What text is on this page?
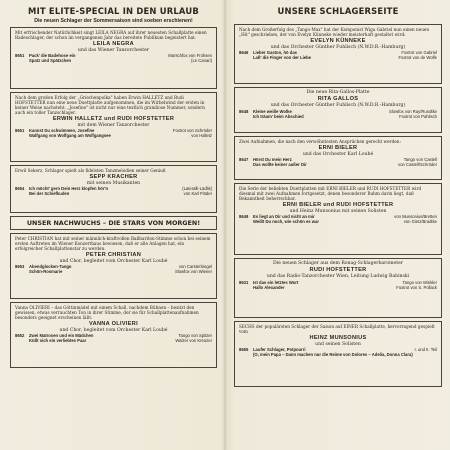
MIT ELITE-SPECIAL IN DEN URLAUB
Die neuen Schlager der Sommersaison sind soeben erschienen!

Mit erfrischender Natürlichkeit singt LEILA NEGRA auf ihrer neuesten Schallplatte einen Badeschlager, der schon im vergangenen Jahr das bereitete Publikum begeistert hat.

LEILA NEGRA
und das Wiener Tanzorchester
8651	Pack' die Badehose ein	Marschfox von Frohsen
Spatz und Spätzchen	(Le Canari)

Nach dem großen Erfolg der „Griechenpolka" haben Erwin HALLETZ und Rudi HOFSTETTER nun eine neue Duettplatte aufgenommen, die im Wirbelwind der ersten in keiner Weise nachsteht. „Josefine" ist nicht nur eine textlich grandiose Nummer, sondern auch ein toller Tanzschlager.

ERWIN HALLETZ und RUDI HOFSTETTER
mit dem Wiener Tanzorchester
8651	Kannst Du schwimmen, Josefine	Foxtrot von Schröder
Walfgang von Wolfgang am Wolfgangsee	von Halletz

Erwil Sekerz, Schlager spielt als fidelsten Tanzmelodien seiner Geniuß

SEPP KRACHER
mit seinen Musikanten
8654	Ich möcht' gern Dein Herz klopfen hör'n	(Lateralli-Lädlis)
Bei der Schiefkuden	von Karl Flöder
UNSER NACHWUCHS – DIE STARS VON MORGEN!

Peter CHRISTIAN hat mit seiner männlich-kraftvollen Baßbariton-Stimme schon bei seinem ersten Auftreten im Wiener Konzerthaus bewiesen, daß er alle Anlagen hat, ein erfolgreicher Schallplattenstar zu werden.

PETER CHRISTIAN
und Chor, begleitet vom Orchester Karl Loubé
8653	Abendglocken-Tango	von Carste/Siegel
Schön-Rosmarie	Slowfox von Wiener

Vanna OLIVIERI – das Göttinmädel mit einem Schall, nachdem Bühnen – besitzt den gewissen, etwas verrauchten Ton in ihrer Stimme, der sie für Schallplattenaufnahmen besonders geeignet erscheinen läßt.

VANNA OLIVIERI
und Chor, begleitet vom Orchester Karl Loubé
8652	Zwei Matrosen und ein Mädchen	Tango von Spitzer
Küßt sich ein verliebtes Paar	Walzer von Kreuzer
UNSERE SCHLAGERSEITE

Nach dem Großerfolg des „Tango-Max" hat der Komponist Wiga Gabriel nun einen neuen „Hit" geschrieben, der von Evelyn Künneke wieder meisterhaft gestaltet wird:

EVELYN KÜNNEKE
und das Orchester Günther Fuhlisch (N.W.D.R.-Hamburg)
8646	Lieber Gaston, hö das	Foxtrot von Gabriel
Laß' die Finger von der Liebe	Foxtrot von de Wolfe
Die neue Rita-Gallos-Platte
RITA GALLOS
und das Orchester Günther Fuhlisch (N.W.D.R.-Hamburg)
8648	Kleine weiße Wolke	Slowfox von Ray/Rundtke
Ich träum' beim Abschied	Foxtrot von Pahlisch

Zwei Aufnahmen, die nach den verwöhntesten Ansprüchen gerecht werden:

ERNI BIELER
und das Orchester Karl Loubé
8647	Hörst Du mein Herz	Tango von Castell
Das wollte keiner außer Dir	von Castell/Schröder

Die Serie der beliebten Duettplatten mit ERNI BIELER und RUDI HOFSTETTER wird diesmal mit zwei Aufnahmen fortgesetzt, denen besonderer Ruhm darin liegt, daß Bekanntheit beherrschbar.

ERNI BIELER und RUDI HOFSTETTER
und Heinz Munsonius mit seinen Solisten
8649	Es liegt an Dir und nicht an mir	von Munsonius/Bretten
Weißt Du noch, wie schön es war	von Gietz/Bradtke
Die neuen Schlager aus dem Ronag-Schlagerbarometer
RUDI HOFSTETTER
und das Radio-Tanzorchester Wien, Leitung Ludwig Babinski
8631	Ist das ein letztes Wort	Tango von Winkler
Hallo Alexander	Foxtrot von S. Pollack

SECHS der populärsten Schlager der Saison auf EINER Schallplatte, hervorragend gespielt vom

HEINZ MUNSONIUS
und seinen Solisten
8655	Laufer Schlager, Potpourri	I. und II. Teil
(O, mein Papa – Dann machen nur die Reime von Dolores – Adelia, Donna Clara)
